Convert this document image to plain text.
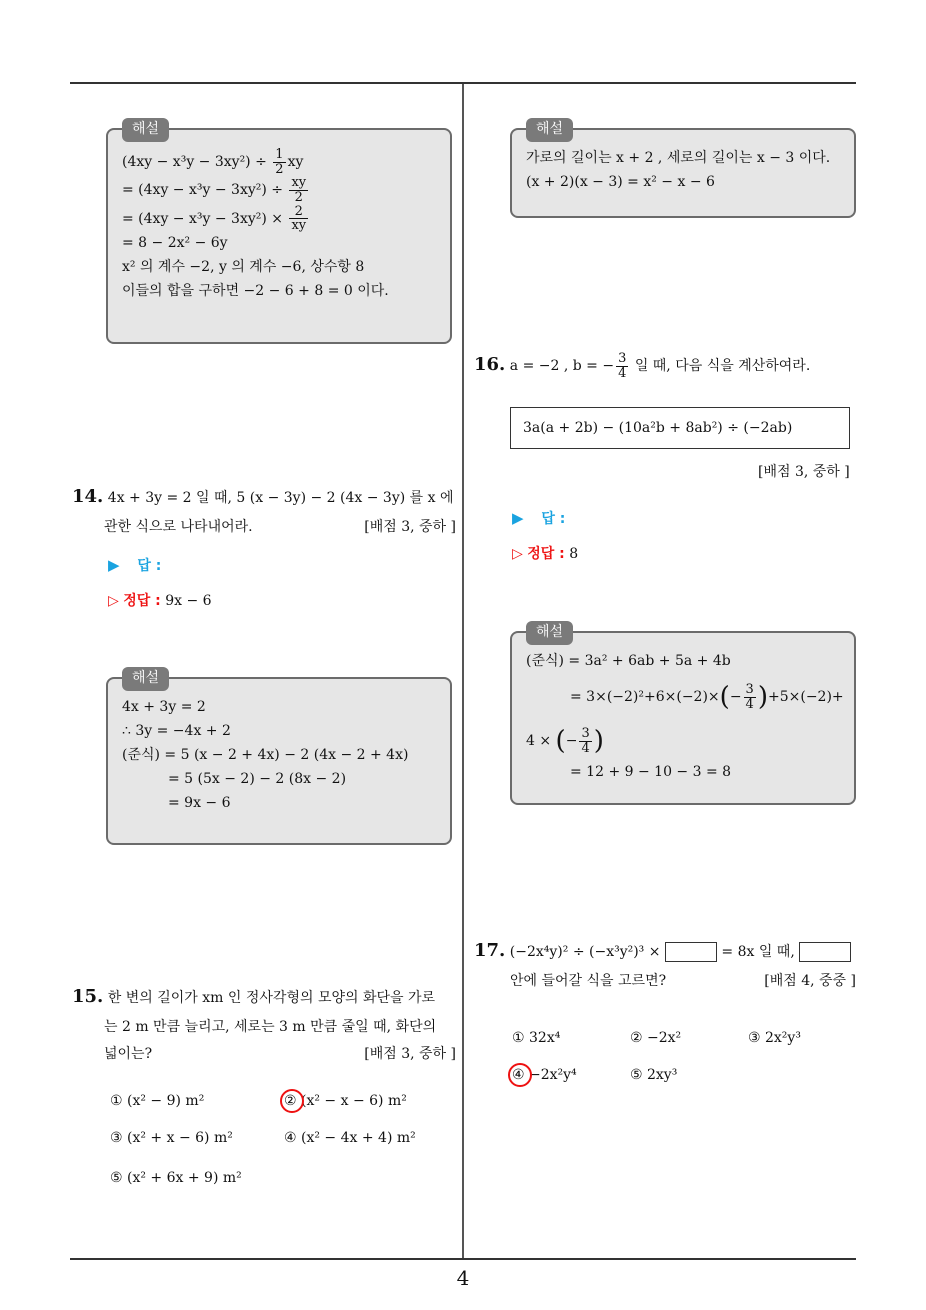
해설
$(4xy - x^3y - 3xy^2) \div \frac{1}{2}$ xy
= $(4xy - x^3y - 3xy^2) \div \frac{xy}{2}$
= $(4xy - x^3y - 3xy^2) \times \frac{2}{xy}$
= 8 − 2x² − 6y
x² 의 계수 −2, y 의 계수 −6, 상수항 8
이들의 합을 구하면 −2 − 6 + 8 = 0 이다.
14. 4x + 3y = 2 일 때, 5 (x − 3y) − 2 (4x − 3y) 를 x 에
관한 식으로 나타내어라.	[배점 3, 중하 ]
▶ 답 :
▷ 정답 : 9x − 6
해설
4x + 3y = 2
∴ 3y = −4x + 2
(준식) = 5 (x − 2 + 4x) − 2 (4x − 2 + 4x)
= 5 (5x − 2) − 2 (8x − 2)
= 9x − 6
15. 한 변의 길이가 xm 인 정사각형의 모양의 화단을 가로
는 2 m 만큼 늘리고, 세로는 3 m 만큼 줄일 때, 화단의
넓이는?	[배점 3, 중하 ]
① (x² − 9) m²	② (x² − x − 6) m²
③ (x² + x − 6) m²	④ (x² − 4x + 4) m²
⑤ (x² + 6x + 9) m²
해설
가로의 길이는 x + 2 , 세로의 길이는 x − 3 이다.
(x + 2)(x − 3) = x² − x − 6
16. a = −2 , b = − $\frac{3}{4}$ 일 때, 다음 식을 계산하여라.
3a(a + 2b) − (10a²b + 8ab²) ÷ (−2ab)
[배점 3, 중하 ]
▶ 답 :
▷ 정답 : 8
해설
(준식) = 3a² + 6ab + 5a + 4b
= $3\times(-2)^2+6\times(-2)\times(- \frac{3}{4} )+5\times(-2)+$
4 × (− $\frac{3}{4}$ )
= 12 + 9 − 10 − 3 = 8
17. (−2x⁴y)² ÷ (−x³y²)³ ×	= 8x 일 때,
안에 들어갈 식을 고르면?	[배점 4, 중중 ]
① 32x⁴	② −2x²	③ 2x²y³
④ −2x²y⁴	⑤ 2xy³
4
